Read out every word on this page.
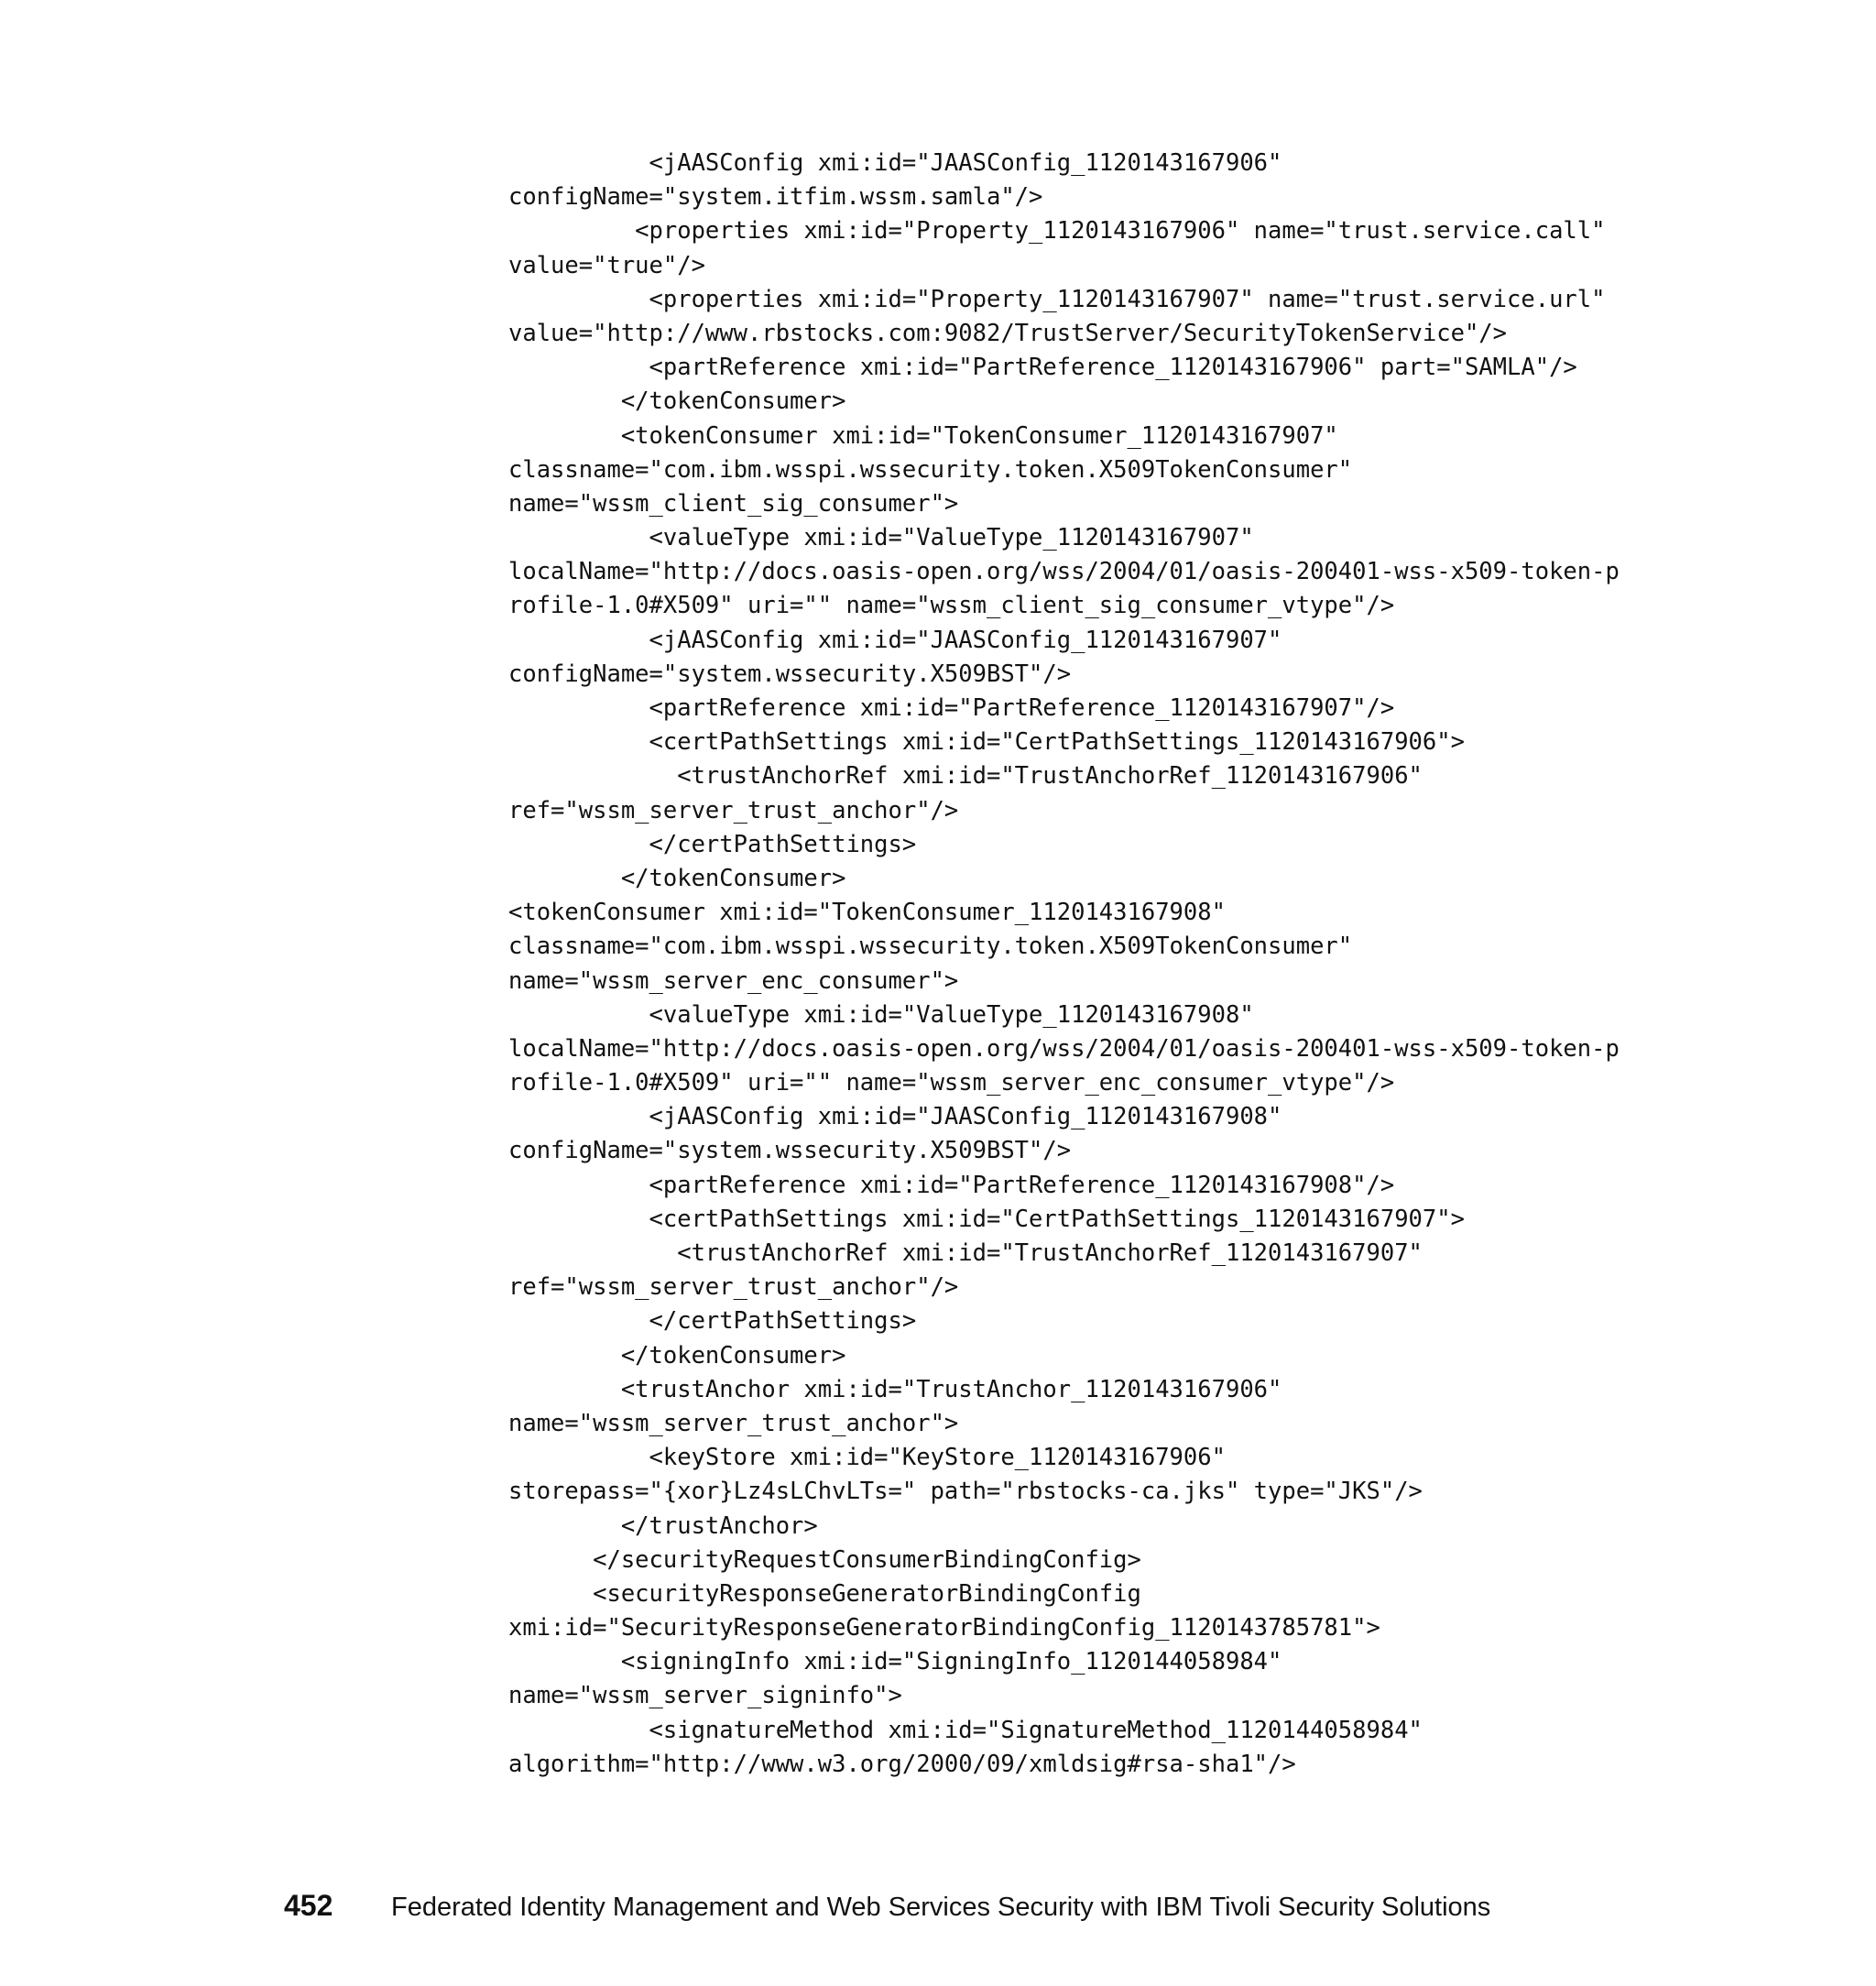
<jAASConfig xmi:id="JAASConfig_1120143167906"
configName="system.itfim.wssm.samla"/>
<properties xmi:id="Property_1120143167906" name="trust.service.call"
value="true"/>
<properties xmi:id="Property_1120143167907" name="trust.service.url"
value="http://www.rbstocks.com:9082/TrustServer/SecurityTokenService"/>
<partReference xmi:id="PartReference_1120143167906" part="SAMLA"/>
</tokenConsumer>
<tokenConsumer xmi:id="TokenConsumer_1120143167907"
classname="com.ibm.wsspi.wssecurity.token.X509TokenConsumer"
name="wssm_client_sig_consumer">
<valueType xmi:id="ValueType_1120143167907"
localName="http://docs.oasis-open.org/wss/2004/01/oasis-200401-wss-x509-token-p
rofile-1.0#X509" uri="" name="wssm_client_sig_consumer_vtype"/>
<jAASConfig xmi:id="JAASConfig_1120143167907"
configName="system.wssecurity.X509BST"/>
<partReference xmi:id="PartReference_1120143167907"/>
<certPathSettings xmi:id="CertPathSettings_1120143167906">
<trustAnchorRef xmi:id="TrustAnchorRef_1120143167906"
ref="wssm_server_trust_anchor"/>
</certPathSettings>
</tokenConsumer>
<tokenConsumer xmi:id="TokenConsumer_1120143167908"
classname="com.ibm.wsspi.wssecurity.token.X509TokenConsumer"
name="wssm_server_enc_consumer">
<valueType xmi:id="ValueType_1120143167908"
localName="http://docs.oasis-open.org/wss/2004/01/oasis-200401-wss-x509-token-p
rofile-1.0#X509" uri="" name="wssm_server_enc_consumer_vtype"/>
<jAASConfig xmi:id="JAASConfig_1120143167908"
configName="system.wssecurity.X509BST"/>
<partReference xmi:id="PartReference_1120143167908"/>
<certPathSettings xmi:id="CertPathSettings_1120143167907">
<trustAnchorRef xmi:id="TrustAnchorRef_1120143167907"
ref="wssm_server_trust_anchor"/>
</certPathSettings>
</tokenConsumer>
<trustAnchor xmi:id="TrustAnchor_1120143167906"
name="wssm_server_trust_anchor">
<keyStore xmi:id="KeyStore_1120143167906"
storepass="{xor}Lz4sLChvLTs=" path="rbstocks-ca.jks" type="JKS"/>
</trustAnchor>
</securityRequestConsumerBindingConfig>
<securityResponseGeneratorBindingConfig
xmi:id="SecurityResponseGeneratorBindingConfig_1120143785781">
<signingInfo xmi:id="SigningInfo_1120144058984"
name="wssm_server_signinfo">
<signatureMethod xmi:id="SignatureMethod_1120144058984"
algorithm="http://www.w3.org/2000/09/xmldsig#rsa-sha1"/>
452	Federated Identity Management and Web Services Security with IBM Tivoli Security Solutions
